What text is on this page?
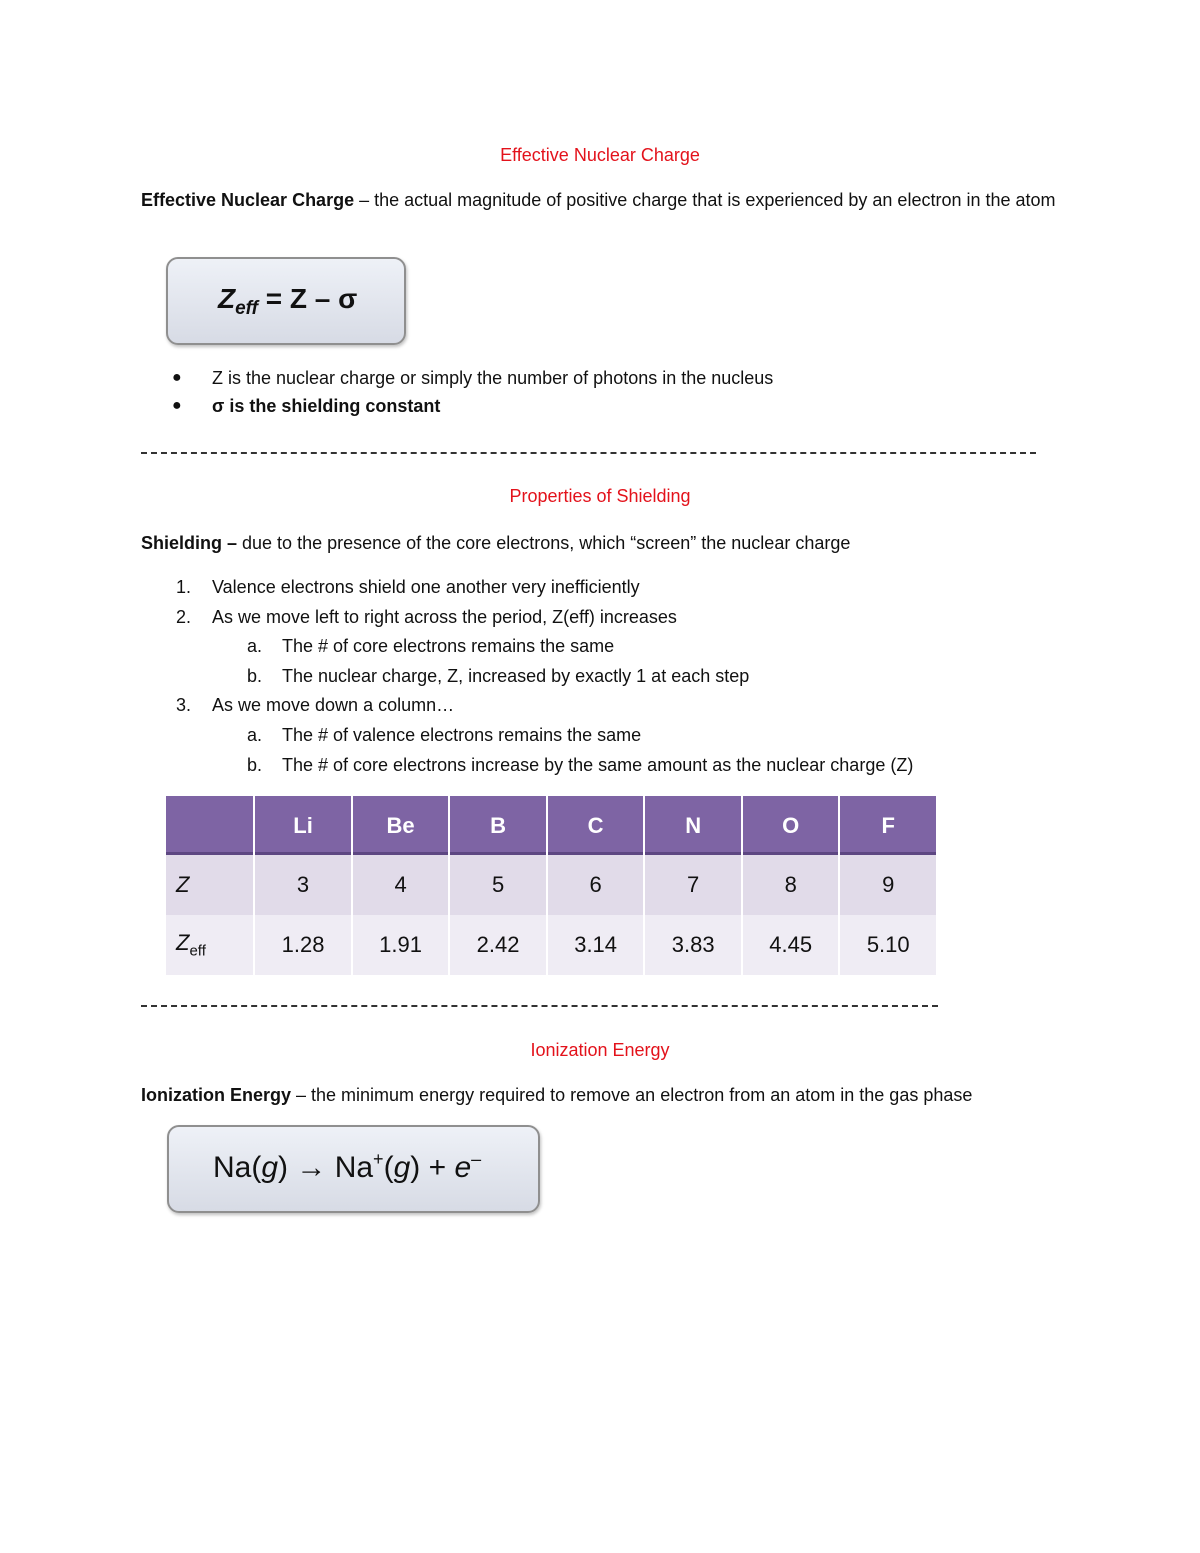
Effective Nuclear Charge
Effective Nuclear Charge – the actual magnitude of positive charge that is experienced by an electron in the atom
$Z_{eff} = Z - \sigma$
●	Z is the nuclear charge or simply the number of photons in the nucleus
●	σ is the shielding constant
Properties of Shielding
Shielding – due to the presence of the core electrons, which “screen” the nuclear charge
1.	Valence electrons shield one another very inefficiently
2.	As we move left to right across the period, Z(eff) increases
a.	The # of core electrons remains the same
b.	The nuclear charge, Z, increased by exactly 1 at each step
3.	As we move down a column…
a.	The # of valence electrons remains the same
b.	The # of core electrons increase by the same amount as the nuclear charge (Z)
	Li	Be	B	C	N	O	F
Z	3	4	5	6	7	8	9
$Z_{eff}$	1.28	1.91	2.42	3.14	3.83	4.45	5.10
Ionization Energy
Ionization Energy – the minimum energy required to remove an electron from an atom in the gas phase
Na(g) → Na+(g) + e–
